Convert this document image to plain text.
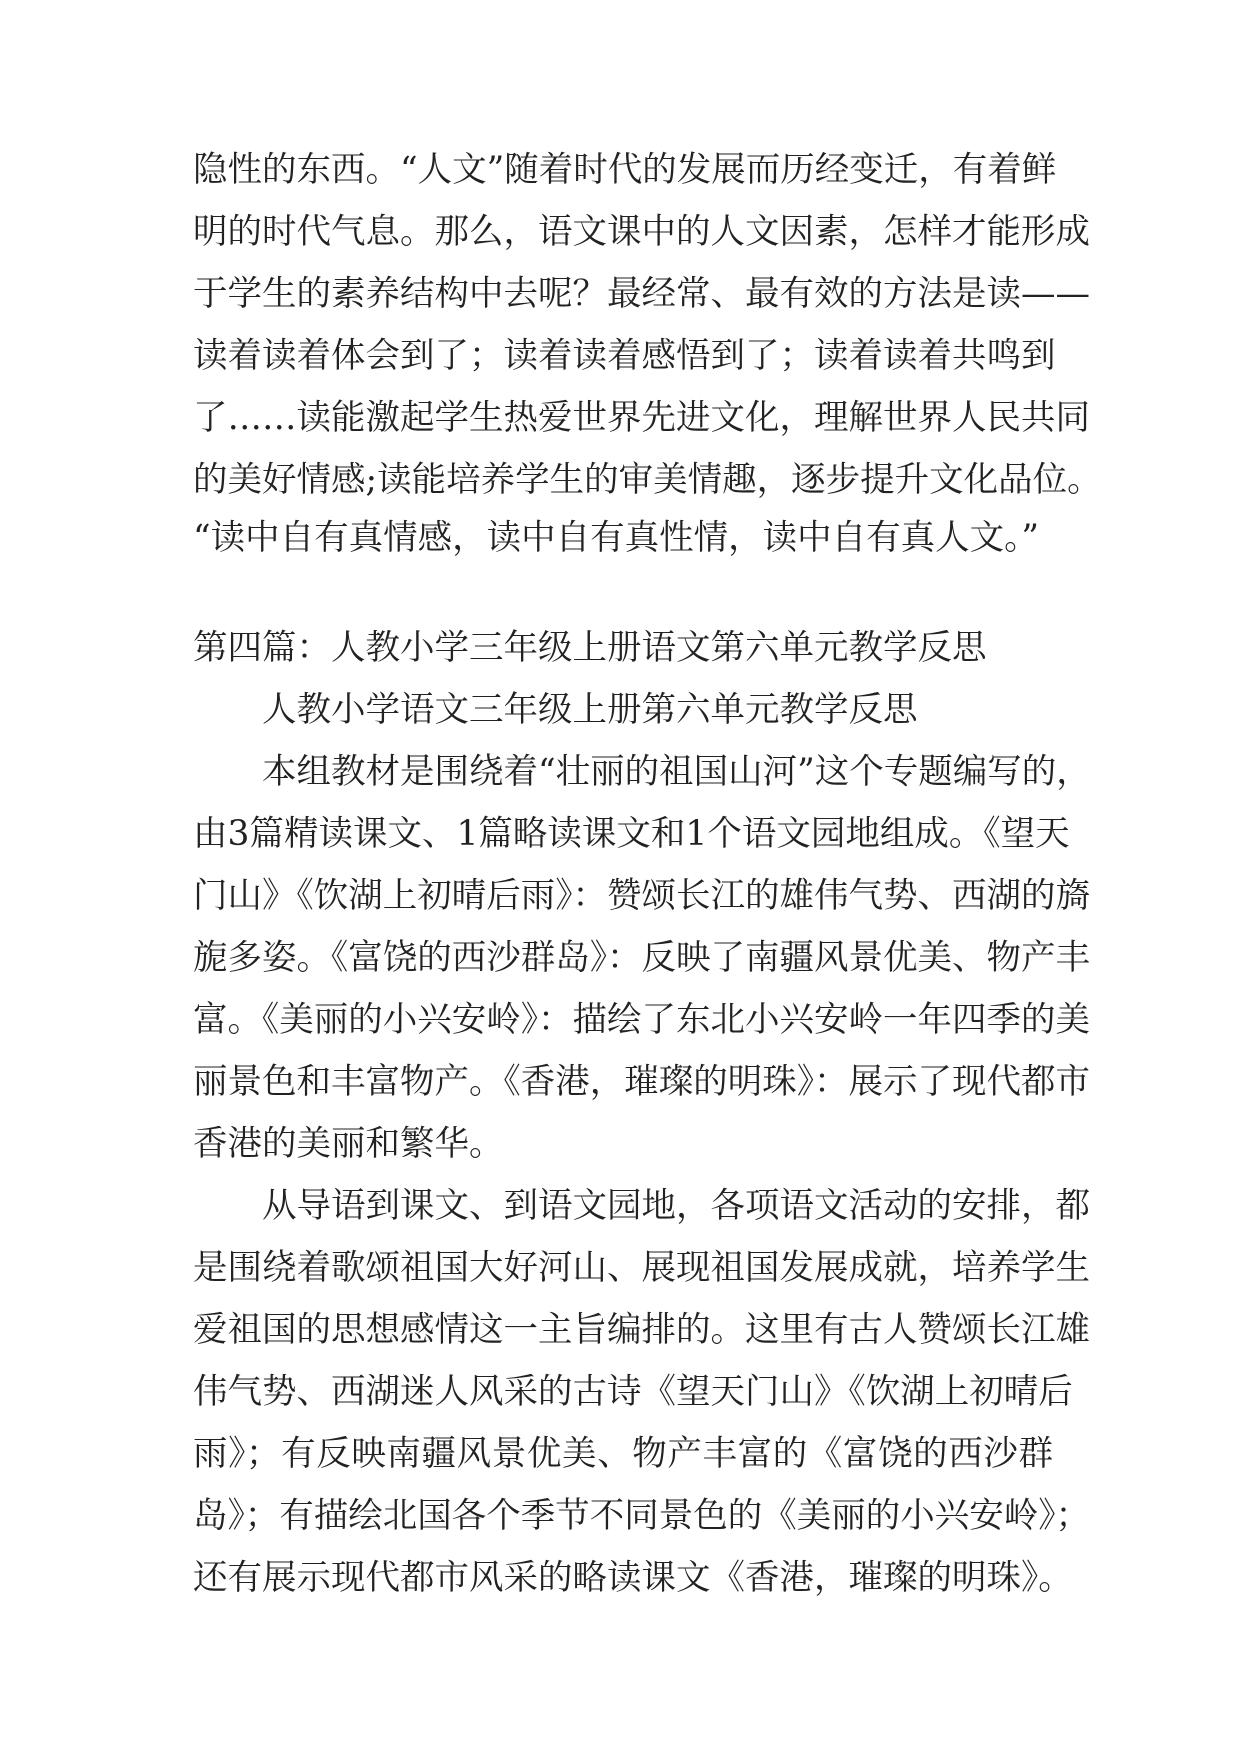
隐性的东西。“人文”随着时代的发展而历经变迁，有着鲜

明的时代气息。那么，语文课中的人文因素，怎样才能形成

于学生的素养结构中去呢？最经常、最有效的方法是读——

读着读着体会到了；读着读着感悟到了；读着读着共鸣到

了……读能激起学生热爱世界先进文化，理解世界人民共同

的美好情感;读能培养学生的审美情趣，逐步提升文化品位。

“读中自有真情感，读中自有真性情，读中自有真人文。”

第四篇：人教小学三年级上册语文第六单元教学反思

人教小学语文三年级上册第六单元教学反思

本组教材是围绕着“壮丽的祖国山河”这个专题编写的，

由3篇精读课文、1篇略读课文和1个语文园地组成。《望天

门山》《饮湖上初晴后雨》：赞颂长江的雄伟气势、西湖的旖

旎多姿。《富饶的西沙群岛》：反映了南疆风景优美、物产丰

富。《美丽的小兴安岭》：描绘了东北小兴安岭一年四季的美

丽景色和丰富物产。《香港，璀璨的明珠》：展示了现代都市

香港的美丽和繁华。

从导语到课文、到语文园地，各项语文活动的安排，都

是围绕着歌颂祖国大好河山、展现祖国发展成就，培养学生

爱祖国的思想感情这一主旨编排的。这里有古人赞颂长江雄

伟气势、西湖迷人风采的古诗《望天门山》《饮湖上初晴后

雨》；有反映南疆风景优美、物产丰富的《富饶的西沙群

岛》；有描绘北国各个季节不同景色的《美丽的小兴安岭》；

还有展示现代都市风采的略读课文《香港，璀璨的明珠》。
